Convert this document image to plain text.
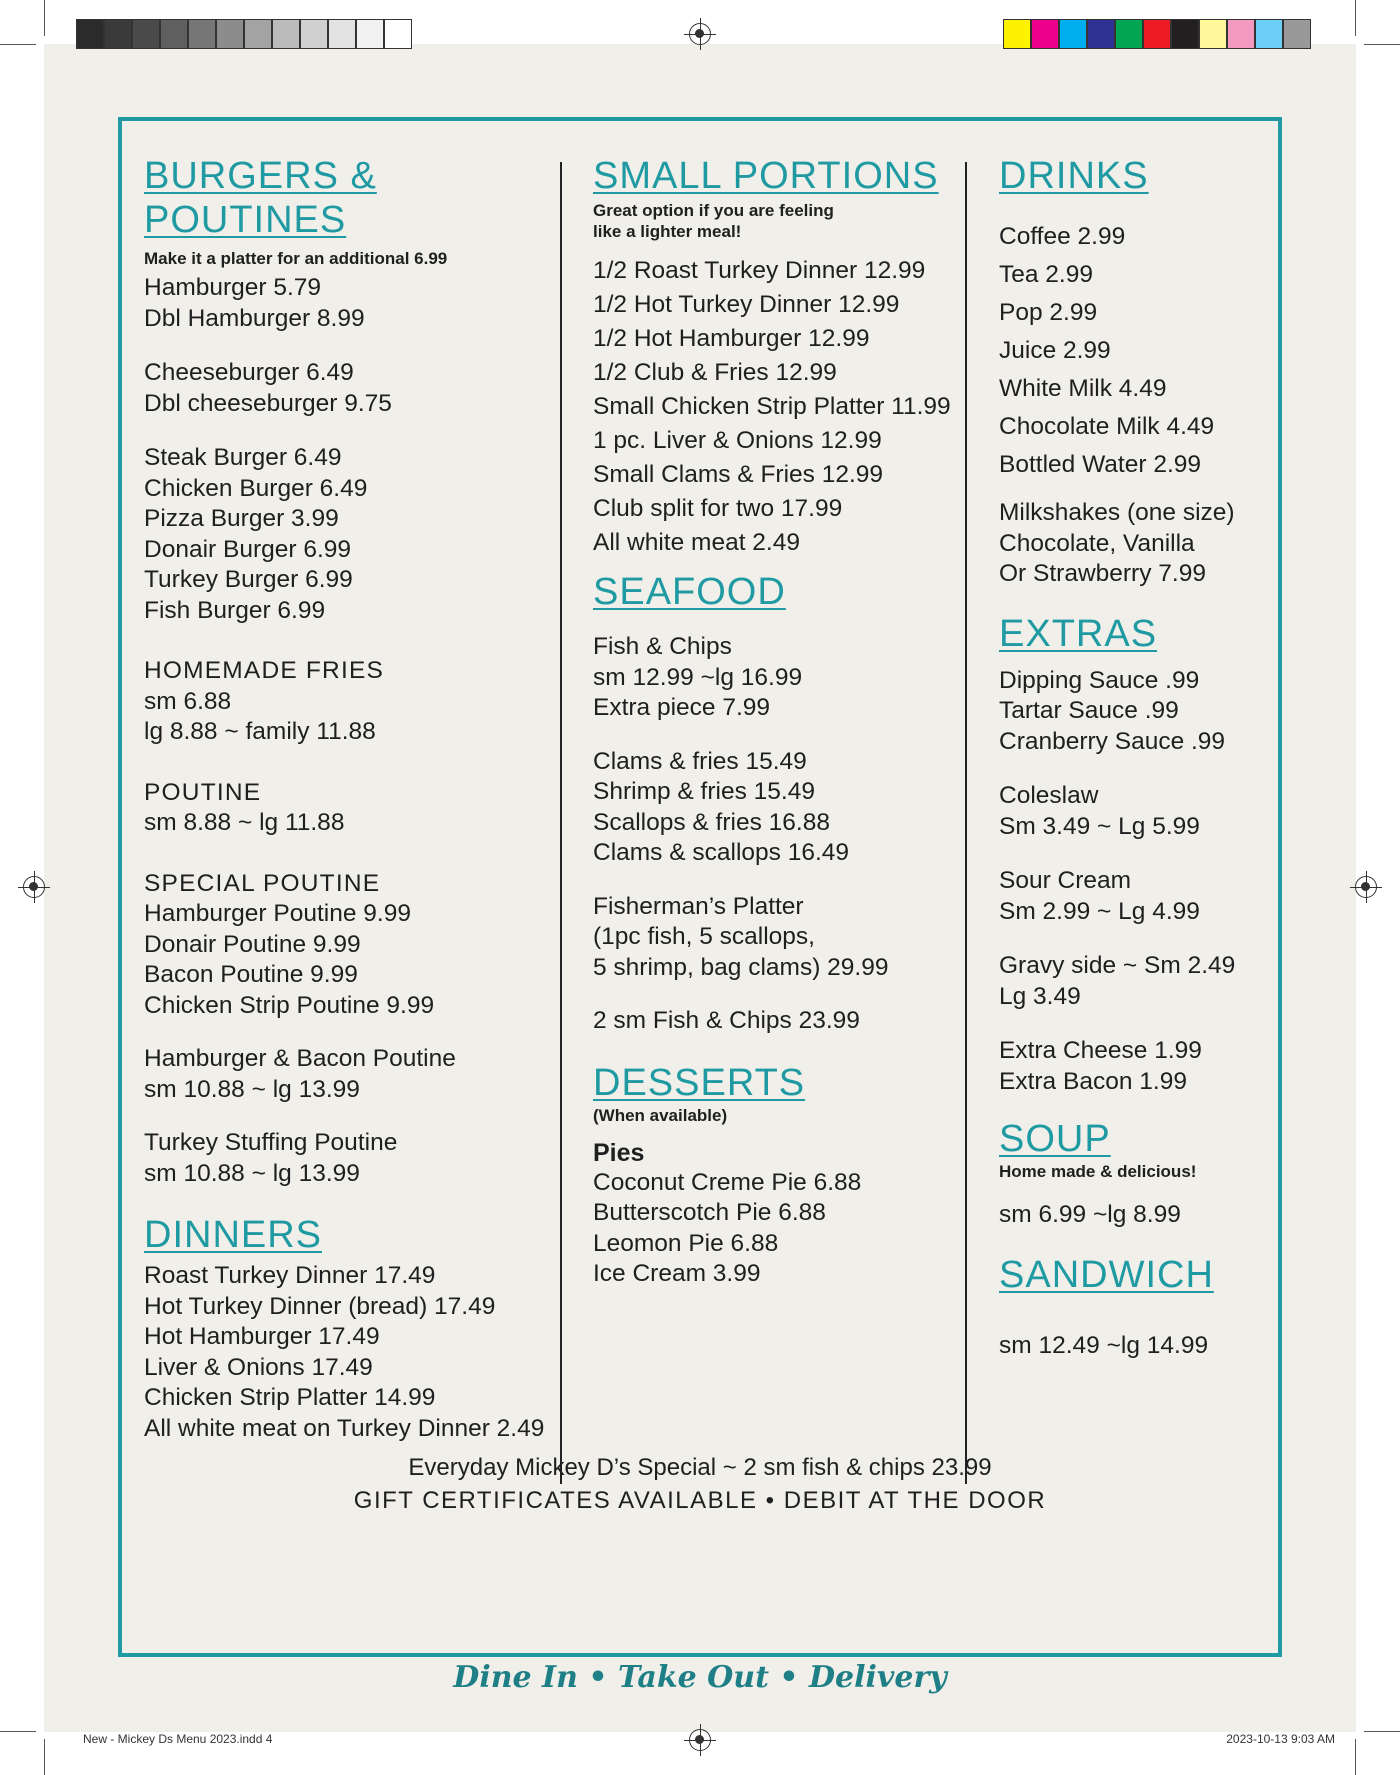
BURGERS &
POUTINES

Make it a platter for an additional 6.99

Hamburger 5.79
Dbl Hamburger 8.99
Cheeseburger 6.49
Dbl cheeseburger 9.75
Steak Burger 6.49
Chicken Burger 6.49
Pizza Burger 3.99
Donair Burger 6.99
Turkey Burger 6.99
Fish Burger 6.99
HOMEMADE FRIES
sm 6.88
lg 8.88 ~ family 11.88
POUTINE
sm 8.88 ~ lg 11.88
SPECIAL POUTINE
Hamburger Poutine 9.99
Donair Poutine 9.99
Bacon Poutine 9.99
Chicken Strip Poutine 9.99
Hamburger & Bacon Poutine
sm 10.88 ~ lg 13.99
Turkey Stuffing Poutine
sm 10.88 ~ lg 13.99
DINNERS
Roast Turkey Dinner 17.49
Hot Turkey Dinner (bread) 17.49
Hot Hamburger 17.49
Liver & Onions 17.49
Chicken Strip Platter 14.99
All white meat on Turkey Dinner 2.49
SMALL PORTIONS

Great option if you are feeling
like a lighter meal!

1/2 Roast Turkey Dinner 12.99
1/2 Hot Turkey Dinner 12.99
1/2 Hot Hamburger 12.99
1/2 Club & Fries 12.99
Small Chicken Strip Platter 11.99
1 pc. Liver & Onions 12.99
Small Clams & Fries 12.99
Club split for two 17.99
All white meat 2.49
SEAFOOD
Fish & Chips
sm 12.99 ~lg 16.99
Extra piece 7.99
Clams & fries 15.49
Shrimp & fries 15.49
Scallops & fries 16.88
Clams & scallops 16.49
Fisherman’s Platter
(1pc fish, 5 scallops,
5 shrimp, bag clams) 29.99
2 sm Fish & Chips 23.99
DESSERTS

(When available)

Pies
Coconut Creme Pie 6.88
Butterscotch Pie 6.88
Leomon Pie 6.88
Ice Cream 3.99
DRINKS
Coffee 2.99
Tea 2.99
Pop 2.99
Juice 2.99
White Milk 4.49
Chocolate Milk 4.49
Bottled Water 2.99
Milkshakes (one size)
Chocolate, Vanilla
Or Strawberry 7.99
EXTRAS
Dipping Sauce .99
Tartar Sauce .99
Cranberry Sauce .99
Coleslaw
Sm 3.49 ~ Lg 5.99
Sour Cream
Sm 2.99 ~ Lg 4.99
Gravy side ~ Sm 2.49
Lg 3.49
Extra Cheese 1.99
Extra Bacon 1.99
SOUP

Home made & delicious!

sm 6.99 ~lg 8.99
SANDWICH
sm 12.49 ~lg 14.99
Everyday Mickey D’s Special ~ 2 sm fish & chips 23.99
GIFT CERTIFICATES AVAILABLE • DEBIT AT THE DOOR
Dine In • Take Out • Delivery
New - Mickey Ds Menu 2023.indd 4	2023-10-13 9:03 AM
